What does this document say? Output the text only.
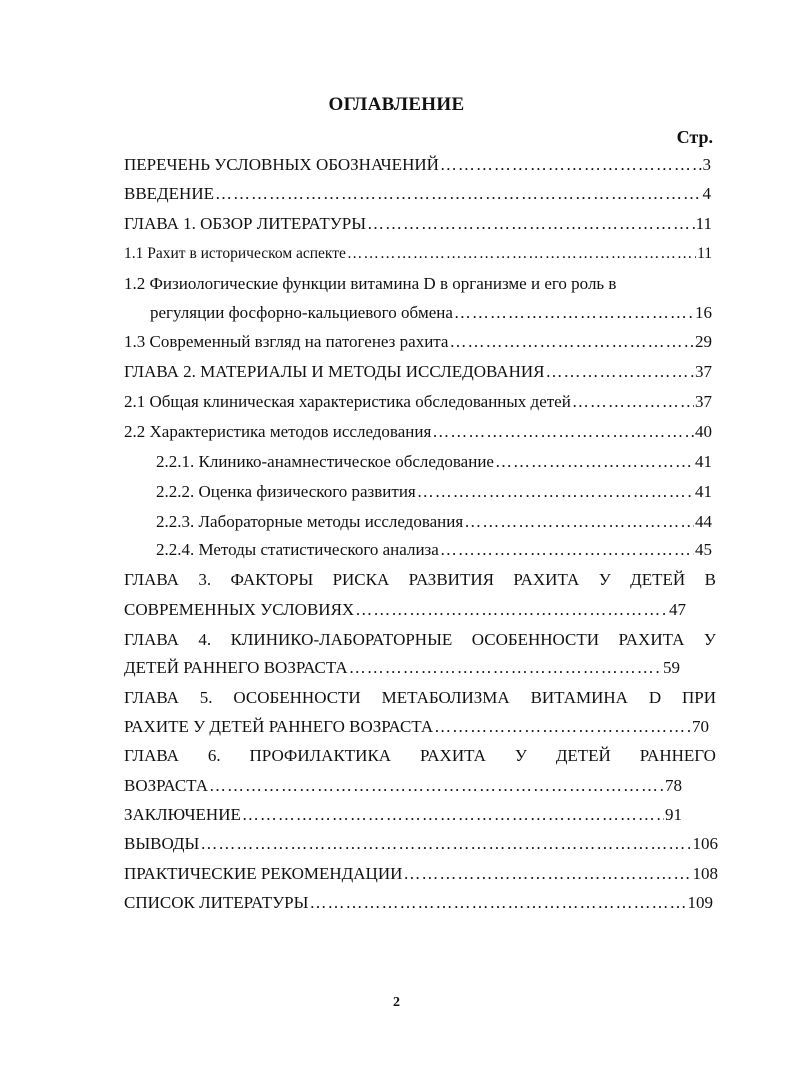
ОГЛАВЛЕНИЕ
Стр.
ПЕРЕЧЕНЬ УСЛОВНЫХ ОБОЗНАЧЕНИЙ ……………………………………………………………………………………………………………………………………………………………………	3
ВВЕДЕНИЕ ……………………………………………………………………………………………………………………………………………………………………	4
ГЛАВА 1. ОБЗОР ЛИТЕРАТУРЫ ……………………………………………………………………………………………………………………………………………………………………	11
1.1 Рахит в историческом аспекте ……………………………………………………………………………………………………………………………………………………………………	11
1.2 Физиологические функции витамина D в организме и его роль в
регуляции фосфорно-кальциевого обмена ……………………………………………………………………………………………………………………………………………………………………	16
1.3 Современный взгляд на патогенез рахита ……………………………………………………………………………………………………………………………………………………………………	29
ГЛАВА 2. МАТЕРИАЛЫ И МЕТОДЫ ИССЛЕДОВАНИЯ ……………………………………………………………………………………………………………………………………………………………………	37
2.1 Общая клиническая характеристика обследованных детей ……………………………………………………………………………………………………………………………………………………………………	37
2.2 Характеристика методов исследования ……………………………………………………………………………………………………………………………………………………………………	40
2.2.1. Клинико-анамнестическое обследование ……………………………………………………………………………………………………………………………………………………………………	41
2.2.2. Оценка физического развития ……………………………………………………………………………………………………………………………………………………………………	41
2.2.3. Лабораторные методы исследования ……………………………………………………………………………………………………………………………………………………………………	44
2.2.4. Методы статистического анализа ……………………………………………………………………………………………………………………………………………………………………	45
ГЛАВА 3. ФАКТОРЫ РИСКА РАЗВИТИЯ РАХИТА У ДЕТЕЙ В
СОВРЕМЕННЫХ УСЛОВИЯХ ……………………………………………………………………………………………………………………………………………………………………	47
ГЛАВА 4. КЛИНИКО-ЛАБОРАТОРНЫЕ ОСОБЕННОСТИ РАХИТА У
ДЕТЕЙ РАННЕГО ВОЗРАСТА ……………………………………………………………………………………………………………………………………………………………………	59
ГЛАВА 5. ОСОБЕННОСТИ МЕТАБОЛИЗМА ВИТАМИНА D ПРИ
РАХИТЕ У ДЕТЕЙ РАННЕГО ВОЗРАСТА ……………………………………………………………………………………………………………………………………………………………………	70
ГЛАВА 6. ПРОФИЛАКТИКА РАХИТА У ДЕТЕЙ РАННЕГО
ВОЗРАСТА ……………………………………………………………………………………………………………………………………………………………………	78
ЗАКЛЮЧЕНИЕ ……………………………………………………………………………………………………………………………………………………………………	91
ВЫВОДЫ ……………………………………………………………………………………………………………………………………………………………………	106
ПРАКТИЧЕСКИЕ РЕКОМЕНДАЦИИ ……………………………………………………………………………………………………………………………………………………………………	108
СПИСОК ЛИТЕРАТУРЫ ……………………………………………………………………………………………………………………………………………………………………	109
2
